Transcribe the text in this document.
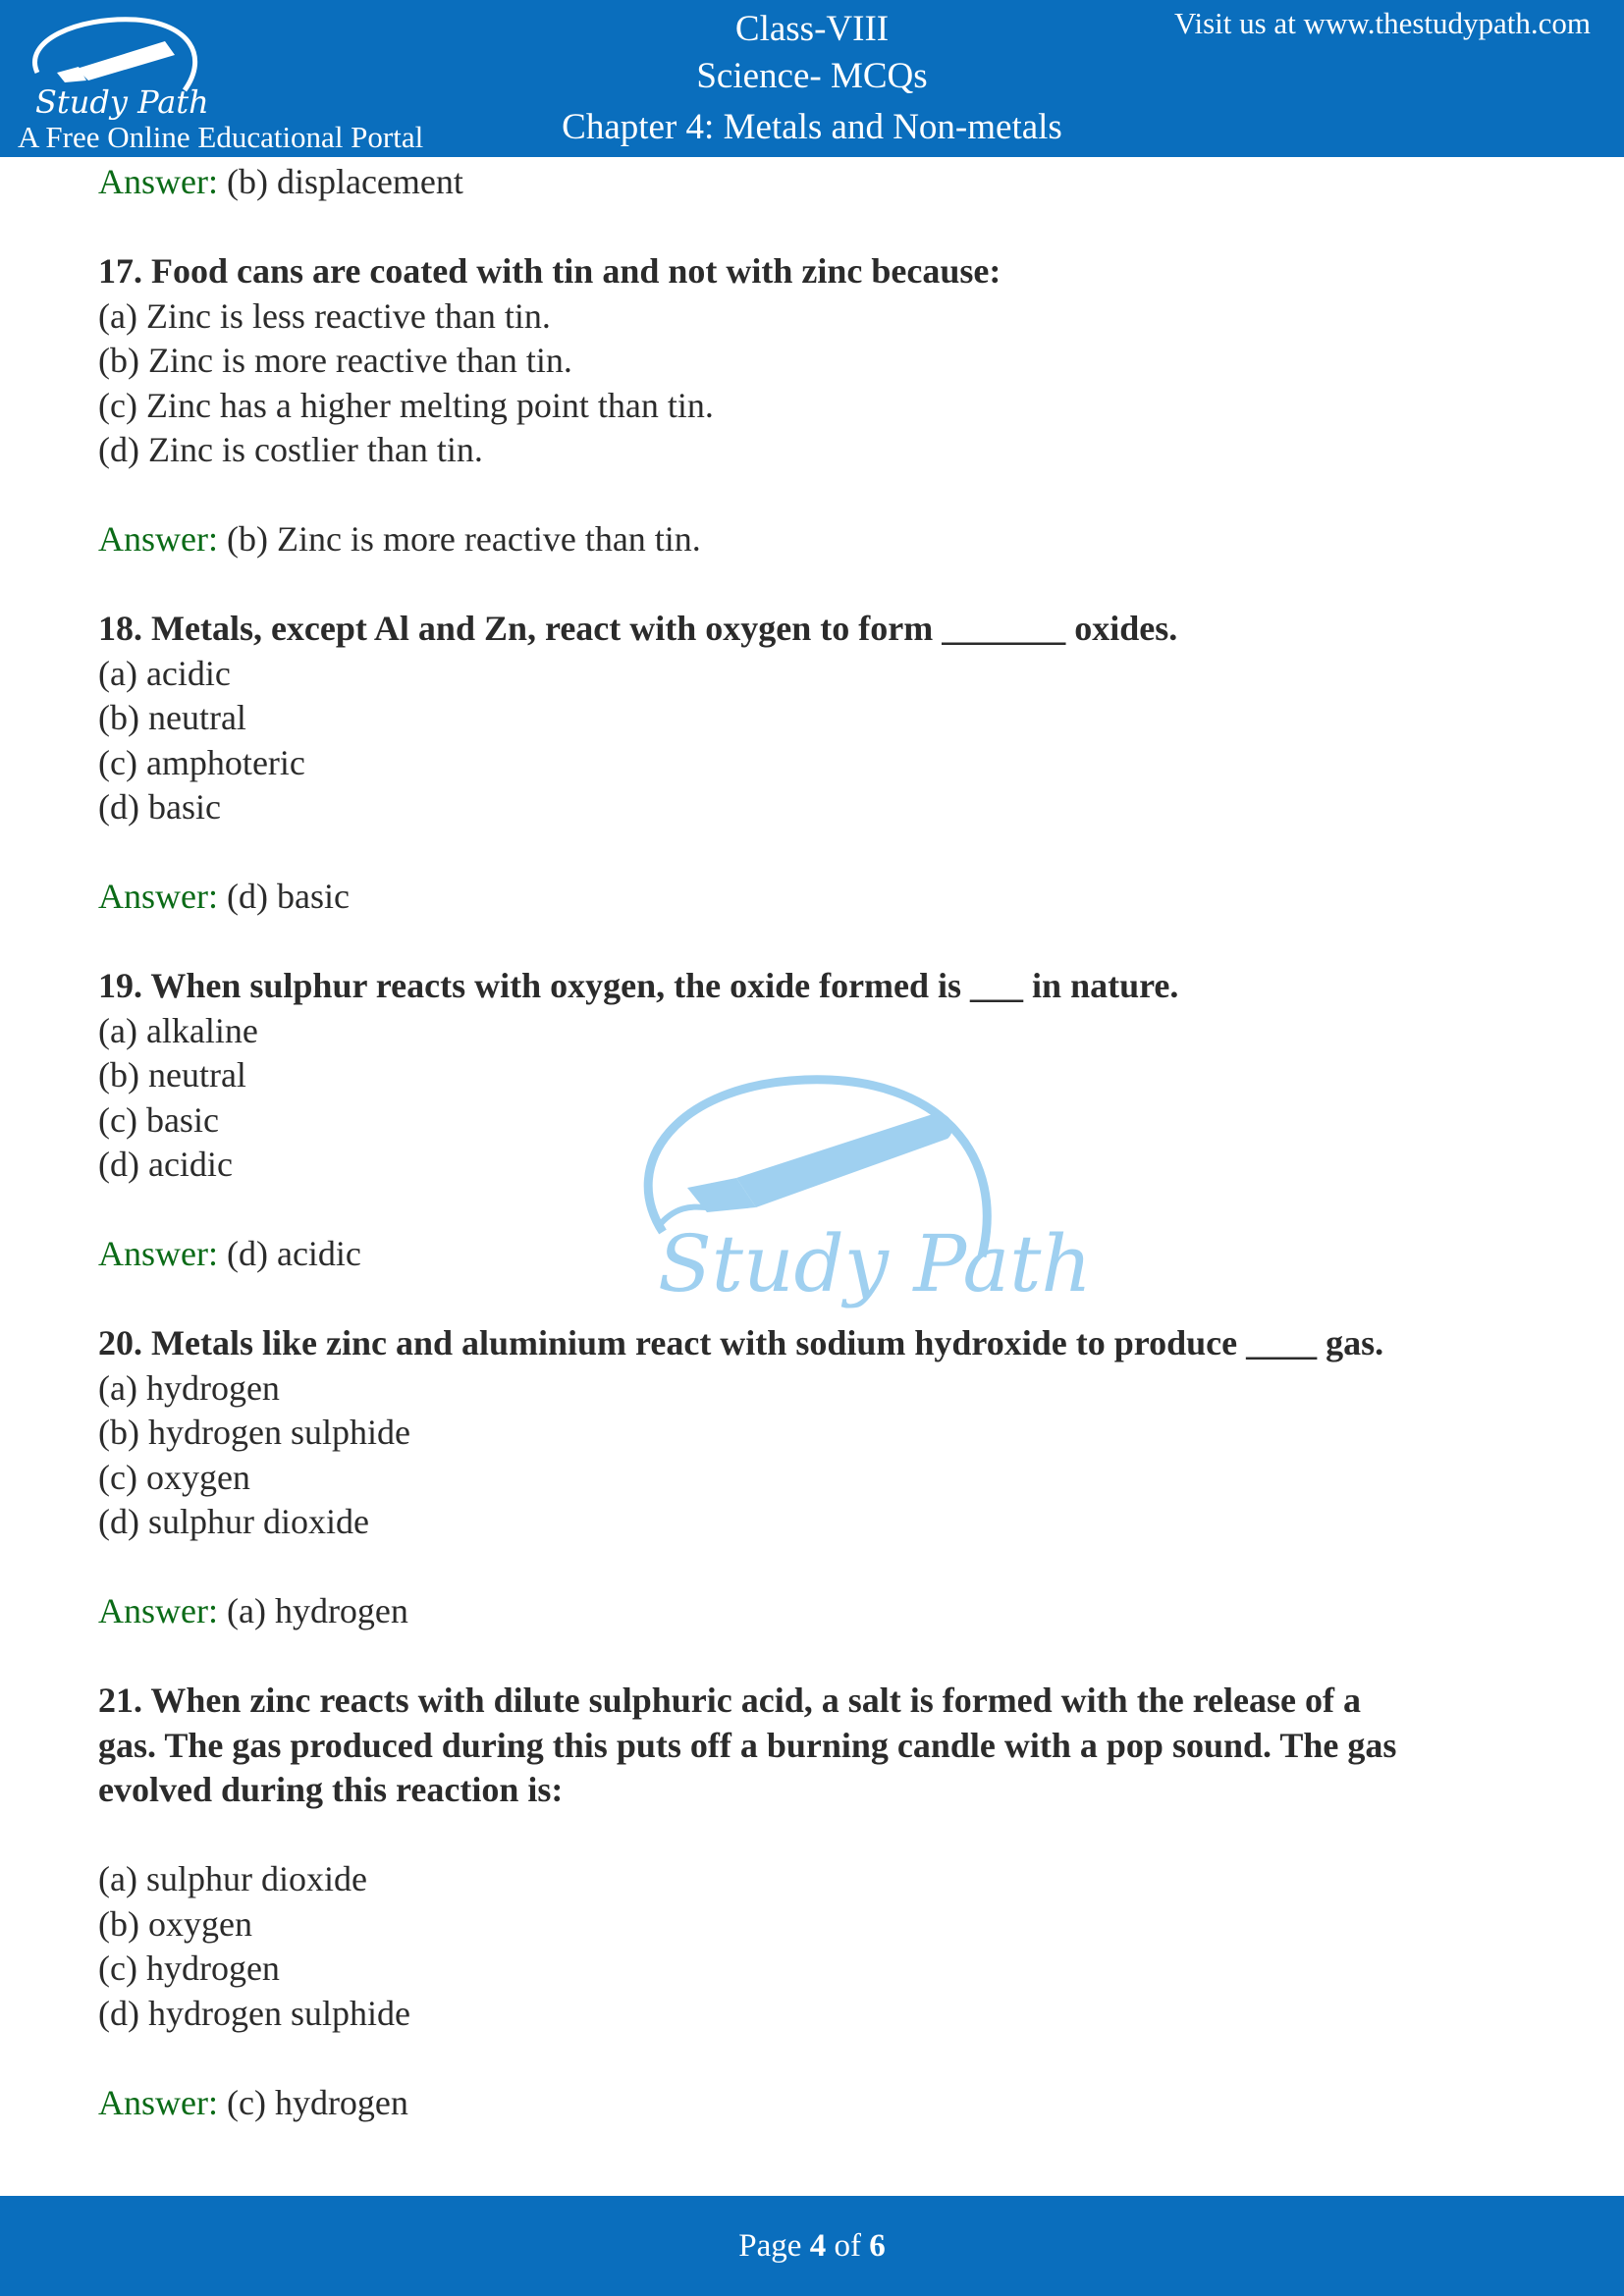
Study Path
A Free Online Educational Portal
Class-VIII
Science- MCQs
Chapter 4: Metals and Non-metals
Visit us at www.thestudypath.com
Study Path
Answer: (b) displacement
17. Food cans are coated with tin and not with zinc because:
(a) Zinc is less reactive than tin.
(b) Zinc is more reactive than tin.
(c) Zinc has a higher melting point than tin.
(d) Zinc is costlier than tin.
Answer: (b) Zinc is more reactive than tin.
18. Metals, except Al and Zn, react with oxygen to form _______ oxides.
(a) acidic
(b) neutral
(c) amphoteric
(d) basic
Answer: (d) basic
19. When sulphur reacts with oxygen, the oxide formed is ___ in nature.
(a) alkaline
(b) neutral
(c) basic
(d) acidic
Answer: (d) acidic
20. Metals like zinc and aluminium react with sodium hydroxide to produce ____ gas.
(a) hydrogen
(b) hydrogen sulphide
(c) oxygen
(d) sulphur dioxide
Answer: (a) hydrogen
21. When zinc reacts with dilute sulphuric acid, a salt is formed with the release of a
gas. The gas produced during this puts off a burning candle with a pop sound. The gas
evolved during this reaction is:
(a) sulphur dioxide
(b) oxygen
(c) hydrogen
(d) hydrogen sulphide
Answer: (c) hydrogen
Page 4 of 6
